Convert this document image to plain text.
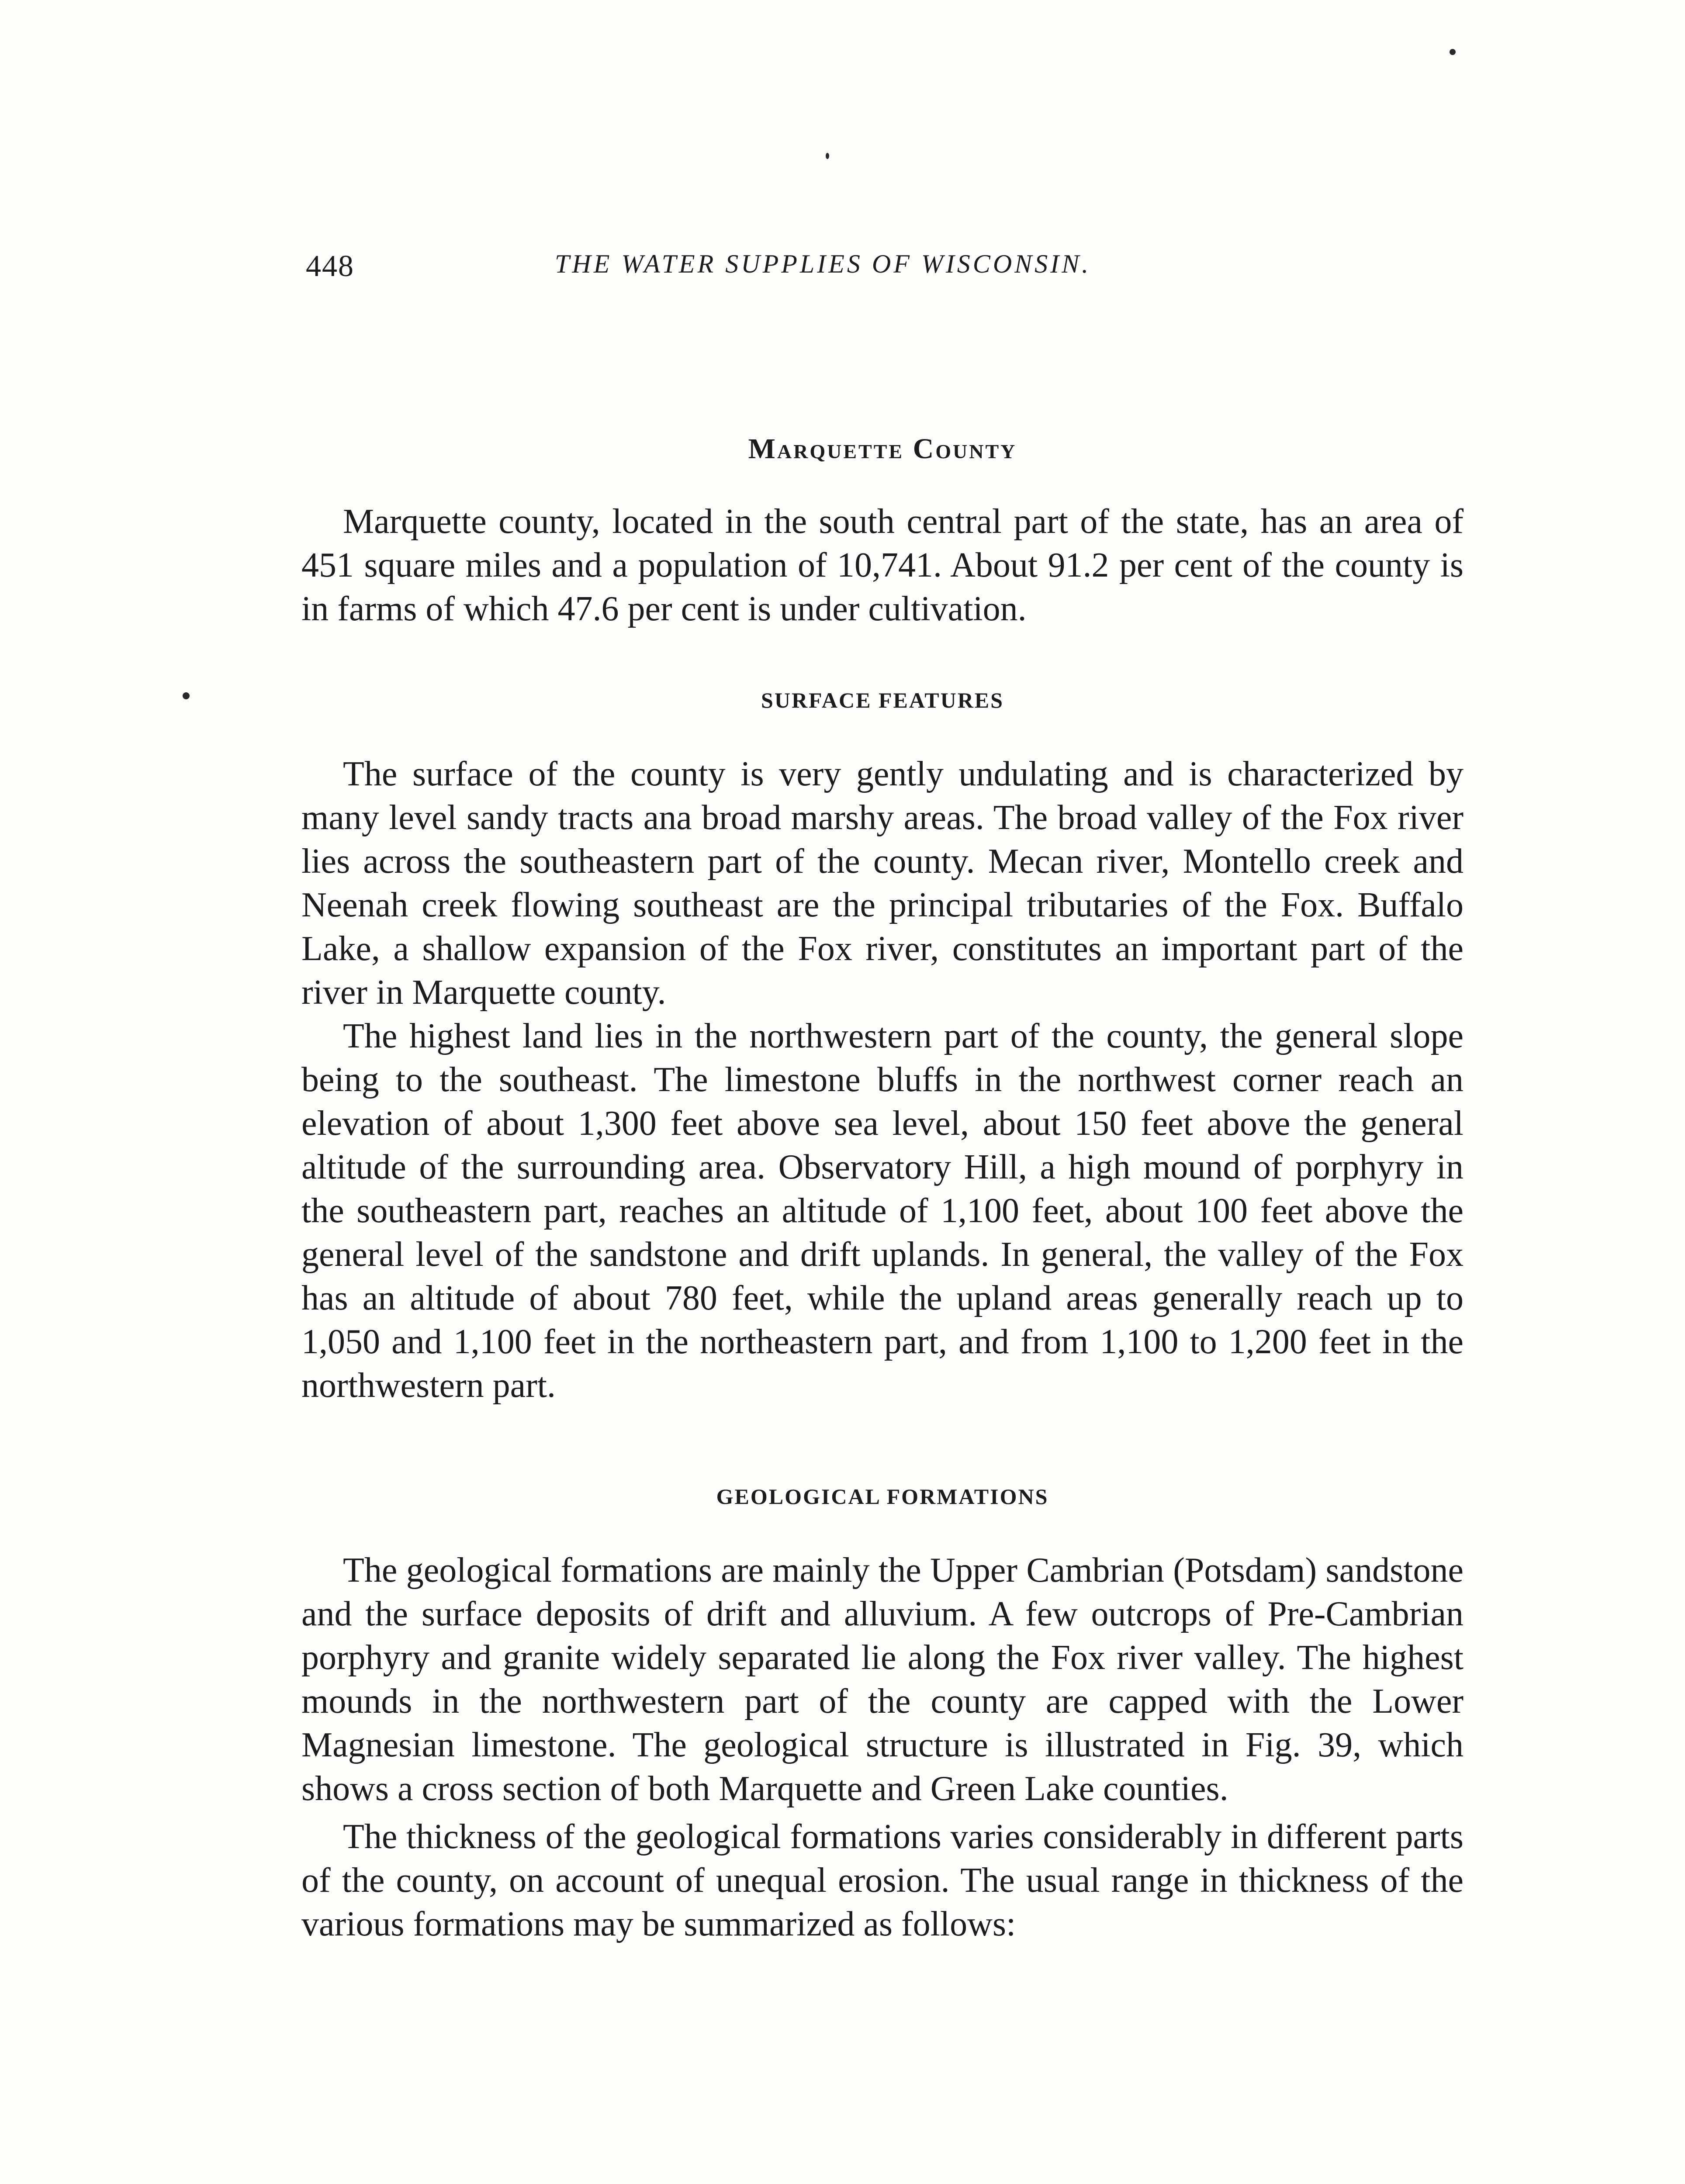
448	THE WATER SUPPLIES OF WISCONSIN.
Marquette County

Marquette county, located in the south central part of the state, has an area of 451 square miles and a population of 10,741. About 91.2 per cent of the county is in farms of which 47.6 per cent is under cultivation.

SURFACE FEATURES

The surface of the county is very gently undulating and is characterized by many level sandy tracts ana broad marshy areas. The broad valley of the Fox river lies across the southeastern part of the county. Mecan river, Montello creek and Neenah creek flowing southeast are the principal tributaries of the Fox. Buffalo Lake, a shallow expansion of the Fox river, constitutes an important part of the river in Marquette county.

The highest land lies in the northwestern part of the county, the general slope being to the southeast. The limestone bluffs in the northwest corner reach an elevation of about 1,300 feet above sea level, about 150 feet above the general altitude of the surrounding area. Observatory Hill, a high mound of porphyry in the southeastern part, reaches an altitude of 1,100 feet, about 100 feet above the general level of the sandstone and drift uplands. In general, the valley of the Fox has an altitude of about 780 feet, while the upland areas generally reach up to 1,050 and 1,100 feet in the northeastern part, and from 1,100 to 1,200 feet in the northwestern part.

GEOLOGICAL FORMATIONS

The geological formations are mainly the Upper Cambrian (Potsdam) sandstone and the surface deposits of drift and alluvium. A few outcrops of Pre-Cambrian porphyry and granite widely separated lie along the Fox river valley. The highest mounds in the northwestern part of the county are capped with the Lower Magnesian limestone. The geological structure is illustrated in Fig. 39, which shows a cross section of both Marquette and Green Lake counties.

The thickness of the geological formations varies considerably in different parts of the county, on account of unequal erosion. The usual range in thickness of the various formations may be summarized as follows:
